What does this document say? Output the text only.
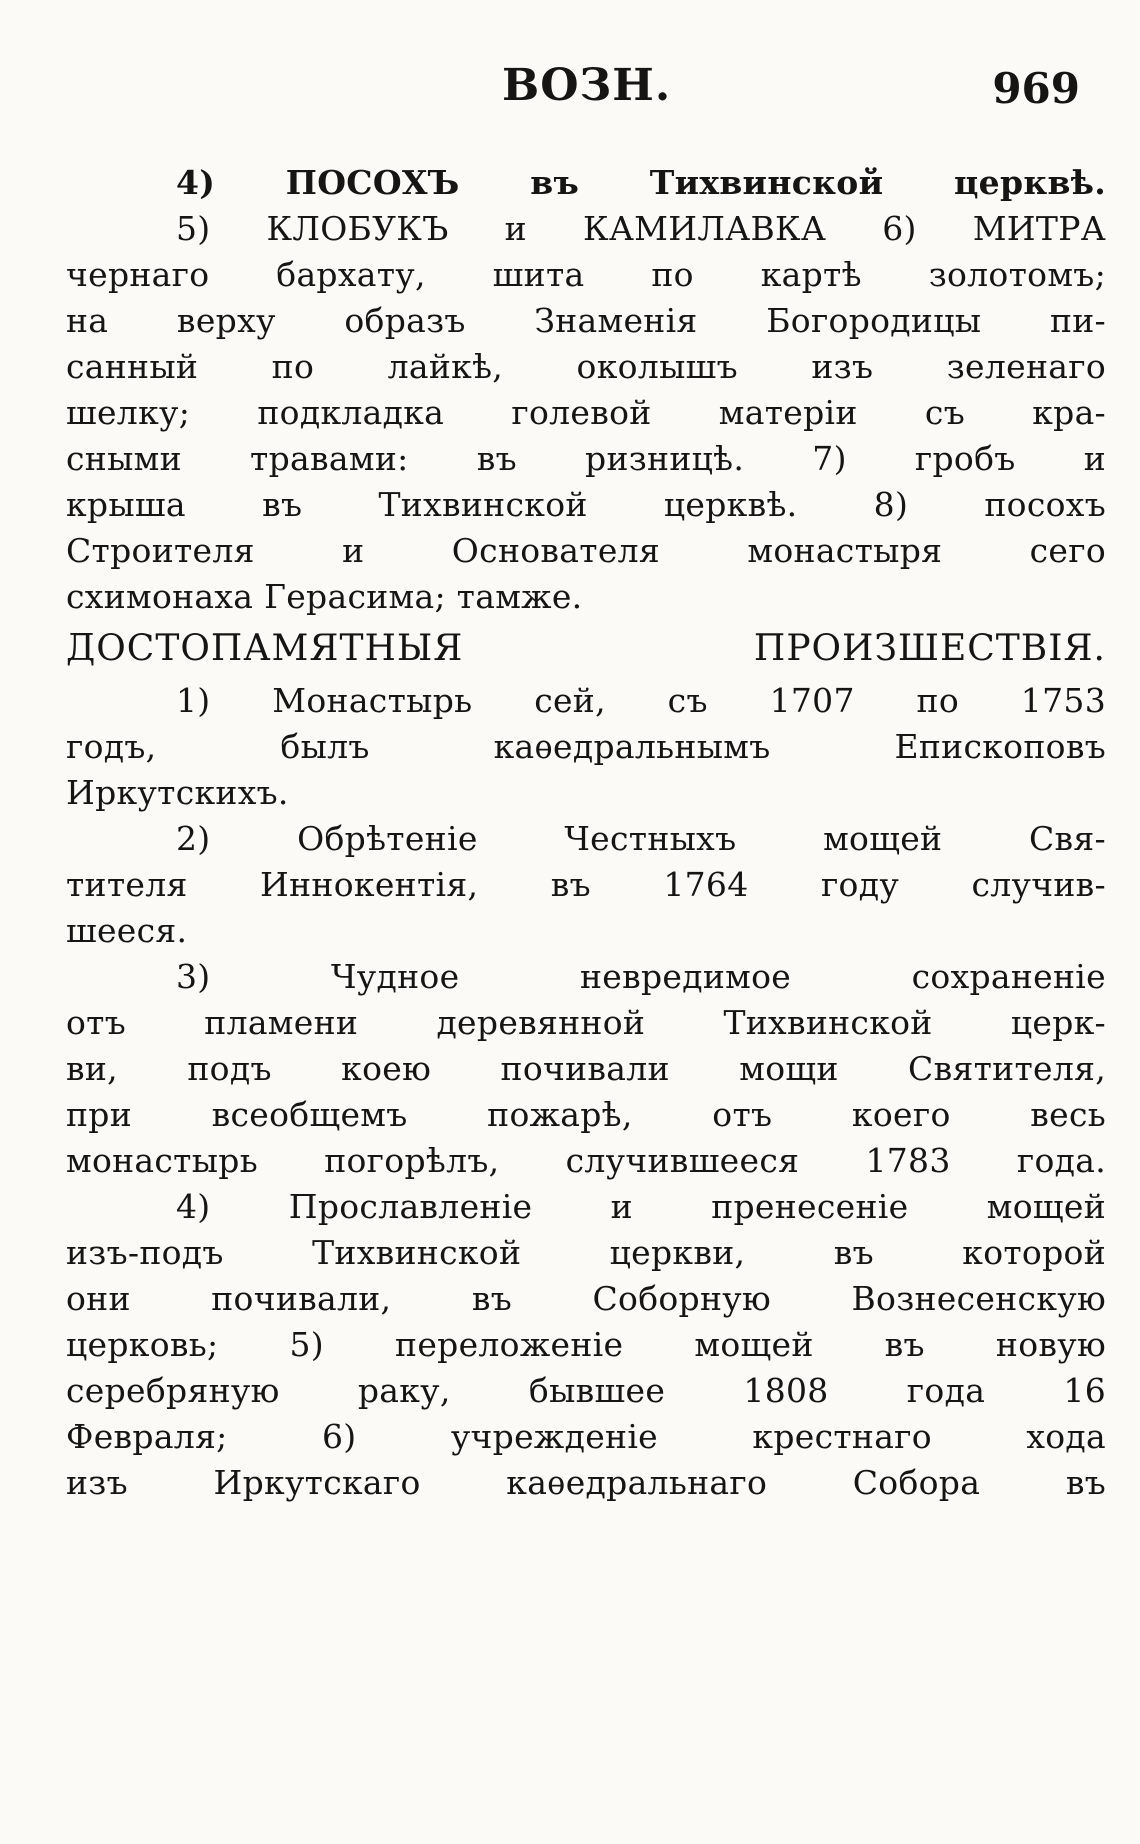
ВОЗН.	969
4) ПОСОХЪ въ Тихвинской церквѣ.
5) КЛОБУКЪ и КАМИЛАВКА 6) МИТРА
чернаго бархату, шита по картѣ золотомъ;
на верху образъ Знаменія Богородицы пи-
санный по лайкѣ, околышъ изъ зеленаго
шелку; подкладка голевой матеріи съ кра-
сными травами: въ ризницѣ. 7) гробъ и
крыша въ Тихвинской церквѣ. 8) посохъ
Строителя и Основателя монастыря сего
схимонаха Герасима; тамже.
ДОСТОПАМЯТНЫЯ ПРОИЗШЕСТВІЯ.
1) Монастырь сей, съ 1707 по 1753
годъ, былъ каѳедральнымъ Епископовъ
Иркутскихъ.
2) Обрѣтеніе Честныхъ мощей Свя-
тителя Иннокентія, въ 1764 году случив-
шееся.
3) Чудное невредимое сохраненіе
отъ пламени деревянной Тихвинской церк-
ви, подъ коею почивали мощи Святителя,
при всеобщемъ пожарѣ, отъ коего весь
монастырь погорѣлъ, случившееся 1783 года.
4) Прославленіе и пренесеніе мощей
изъ-подъ Тихвинской церкви, въ которой
они почивали, въ Соборную Вознесенскую
церковь; 5) переложеніе мощей въ новую
серебряную раку, бывшее 1808 года 16
Февраля; 6) учрежденіе крестнаго хода
изъ Иркутскаго каѳедральнаго Собора въ
